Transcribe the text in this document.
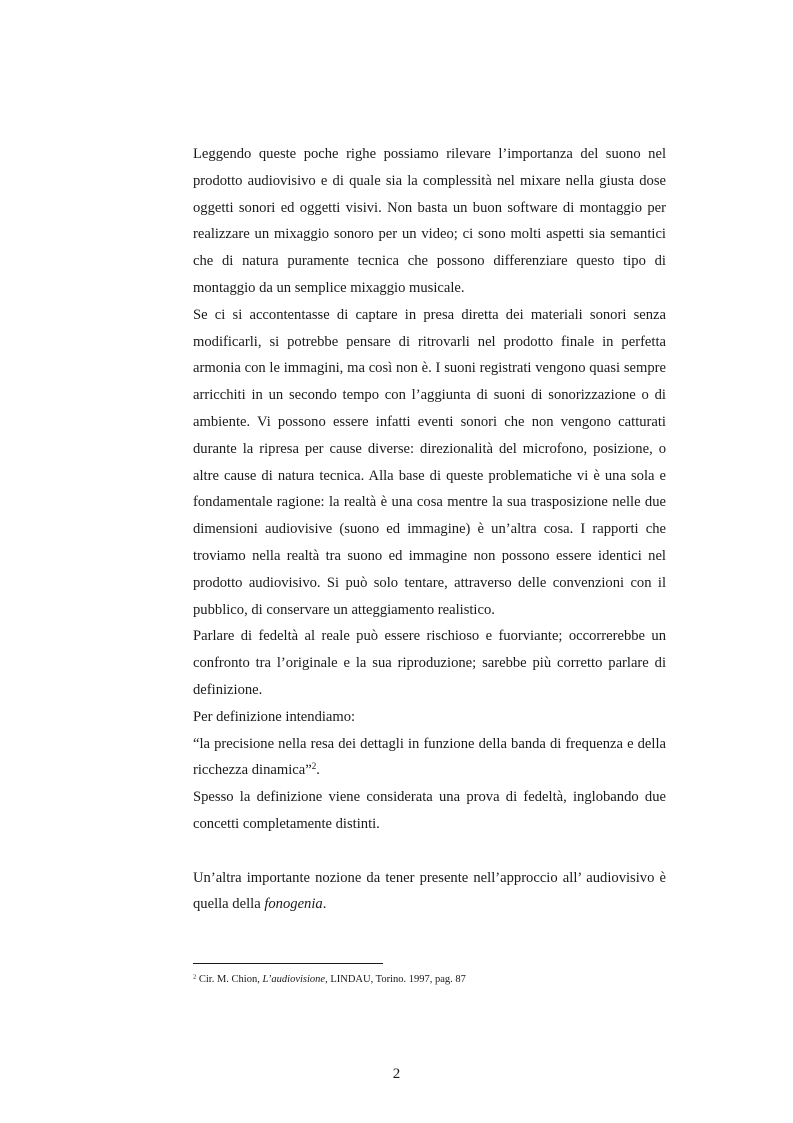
Leggendo queste poche righe possiamo rilevare l’importanza del suono nel prodotto audiovisivo e di quale sia la complessità nel mixare nella giusta dose oggetti sonori ed oggetti visivi. Non basta un buon software di montaggio per realizzare un mixaggio sonoro per un video; ci sono molti aspetti sia semantici che di natura puramente tecnica che possono differenziare questo tipo di montaggio da un semplice mixaggio musicale.

Se ci si accontentasse di captare in presa diretta dei materiali sonori senza modificarli, si potrebbe pensare di ritrovarli nel prodotto finale in perfetta armonia con le immagini, ma così non è. I suoni registrati vengono quasi sempre arricchiti in un secondo tempo con l’aggiunta di suoni di sonorizzazione o di ambiente. Vi possono essere infatti eventi sonori che non vengono catturati durante la ripresa per cause diverse: direzionalità del microfono, posizione, o altre cause di natura tecnica. Alla base di queste problematiche vi è una sola e fondamentale ragione: la realtà è una cosa mentre la sua trasposizione nelle due dimensioni audiovisive (suono ed immagine) è un’altra cosa. I rapporti che troviamo nella realtà tra suono ed immagine non possono essere identici nel prodotto audiovisivo. Si può solo tentare, attraverso delle convenzioni con il pubblico, di conservare un atteggiamento realistico.

Parlare di fedeltà al reale può essere rischioso e fuorviante; occorrerebbe un confronto tra l’originale e la sua riproduzione; sarebbe più corretto parlare di definizione.

Per definizione intendiamo:

“la precisione nella resa dei dettagli in funzione della banda di frequenza e della ricchezza dinamica”$^2$.

Spesso la definizione viene considerata una prova di fedeltà, inglobando due concetti completamente distinti.

Un’altra importante nozione da tener presente nell’approccio all’ audiovisivo è quella della fonogenia.

$^2$ Cir. M. Chion, L’audiovisione, LINDAU, Torino. 1997, pag. 87
2
